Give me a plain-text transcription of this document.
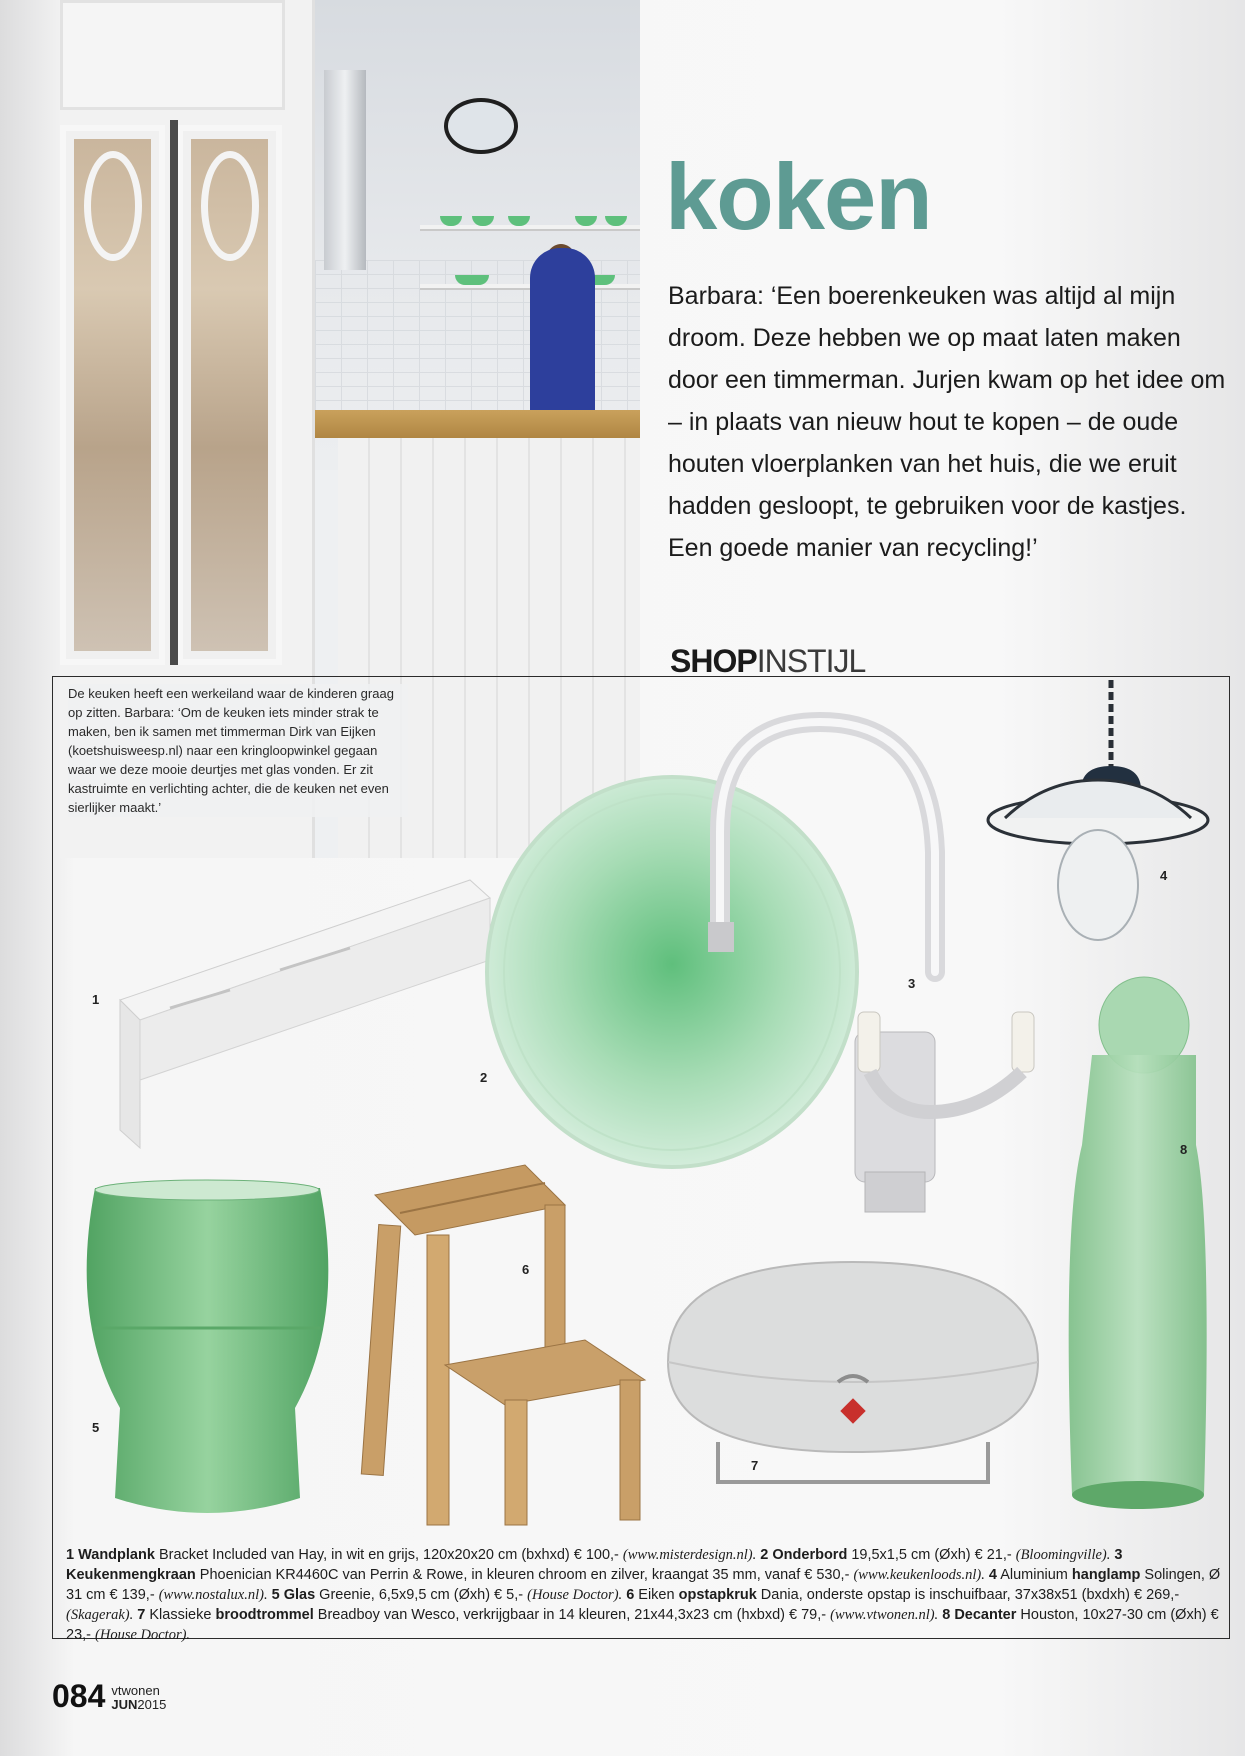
De keuken heeft een werkeiland waar de kinderen graag op zitten. Barbara: ‘Om de keuken iets minder strak te maken, ben ik samen met timmerman Dirk van Eijken (koetshuisweesp.nl) naar een kringloopwinkel gegaan waar we deze mooie deurtjes met glas vonden. Er zit kastruimte en verlichting achter, die de keuken net even sierlijker maakt.’

koken

Barbara: ‘Een boerenkeuken was altijd al mijn droom. Deze hebben we op maat laten maken door een timmerman. Jurjen kwam op het idee om – in plaats van nieuw hout te kopen – de oude houten vloerplanken van het huis, die we eruit hadden gesloopt, te gebruiken voor de kastjes. Een goede manier van recycling!’

SHOPINSTIJL
1
2
3
4
5
6
7
8

1 Wandplank Bracket Included van Hay, in wit en grijs, 120x20x20 cm (bxhxd) € 100,- (www.misterdesign.nl). 2 Onderbord 19,5x1,5 cm (Øxh) € 21,- (Bloomingville). 3 Keukenmengkraan Phoenician KR4460C van Perrin & Rowe, in kleuren chroom en zilver, kraangat 35 mm, vanaf € 530,- (www.keukenloods.nl). 4 Aluminium hanglamp Solingen, Ø 31 cm € 139,- (www.nostalux.nl). 5 Glas Greenie, 6,5x9,5 cm (Øxh) € 5,- (House Doctor). 6 Eiken opstapkruk Dania, onderste opstap is inschuifbaar, 37x38x51 (bxdxh) € 269,- (Skagerak). 7 Klassieke broodtrommel Breadboy van Wesco, verkrijgbaar in 14 kleuren, 21x44,3x23 cm (hxbxd) € 79,- (www.vtwonen.nl). 8 Decanter Houston, 10x27-30 cm (Øxh) € 23,- (House Doctor).

084 vtwonen
JUN2015
